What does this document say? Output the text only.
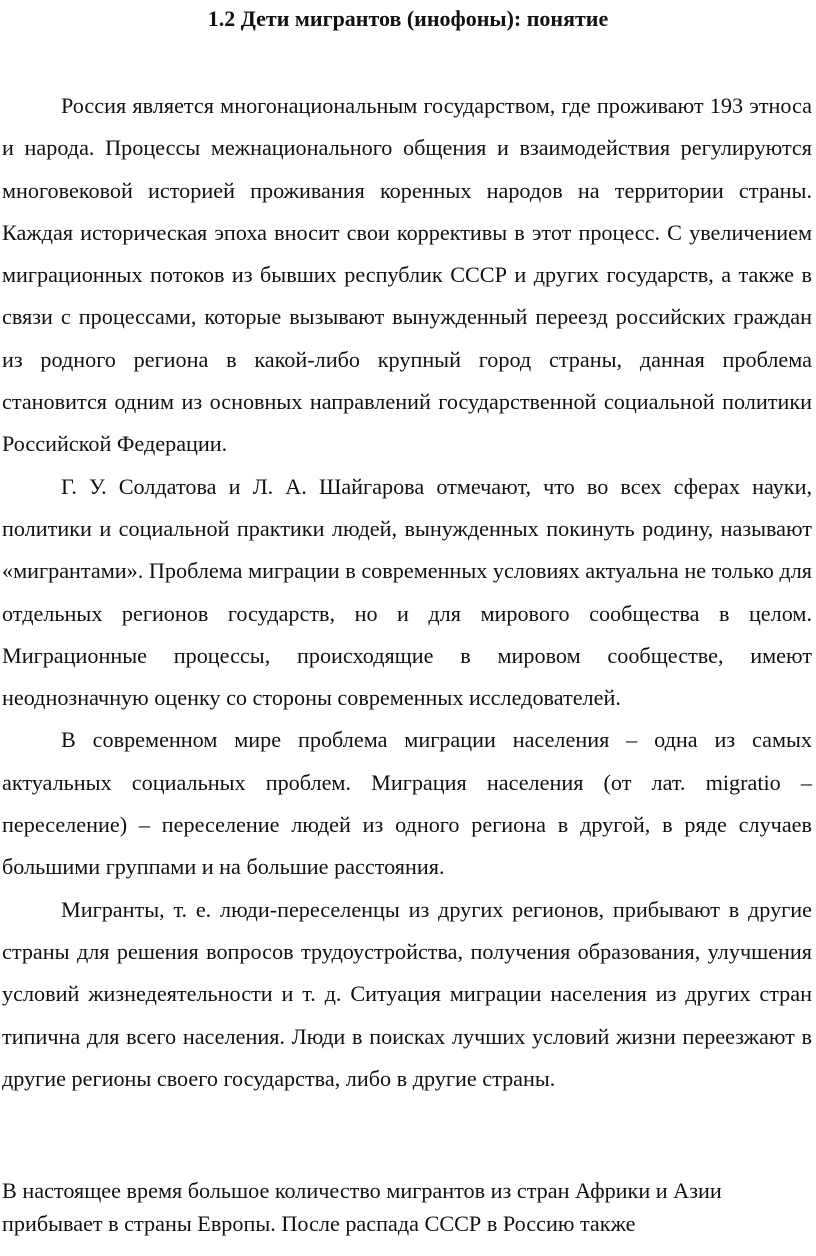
1.2 Дети мигрантов (инофоны): понятие

Россия является многонациональным государством, где проживают 193 этноса и народа. Процессы межнационального общения и взаимодействия регулируются многовековой историей проживания коренных народов на территории страны. Каждая историческая эпоха вносит свои коррективы в этот процесс. С увеличением миграционных потоков из бывших республик СССР и других государств, а также в связи с процессами, которые вызывают вынужденный переезд российских граждан из родного региона в какой-либо крупный город страны, данная проблема становится одним из основных направлений государственной социальной политики Российской Федерации.

Г. У. Солдатова и Л. А. Шайгарова отмечают, что во всех сферах науки, политики и социальной практики людей, вынужденных покинуть родину, называют «мигрантами». Проблема миграции в современных условиях актуальна не только для отдельных регионов государств, но и для мирового сообщества в целом. Миграционные процессы, происходящие в мировом сообществе, имеют неоднозначную оценку со стороны современных исследователей.

В современном мире проблема миграции населения – одна из самых актуальных социальных проблем. Миграция населения (от лат. migratio – переселение) – переселение людей из одного региона в другой, в ряде случаев большими группами и на большие расстояния.

Мигранты, т. е. люди-переселенцы из других регионов, прибывают в другие страны для решения вопросов трудоустройства, получения образования, улучшения условий жизнедеятельности и т. д. Ситуация миграции населения из других стран типична для всего населения. Люди в поисках лучших условий жизни переезжают в другие регионы своего государства, либо в другие страны.

В настоящее время большое количество мигрантов из стран Африки и Азии
прибывает в страны Европы. После распада СССР в Россию также
